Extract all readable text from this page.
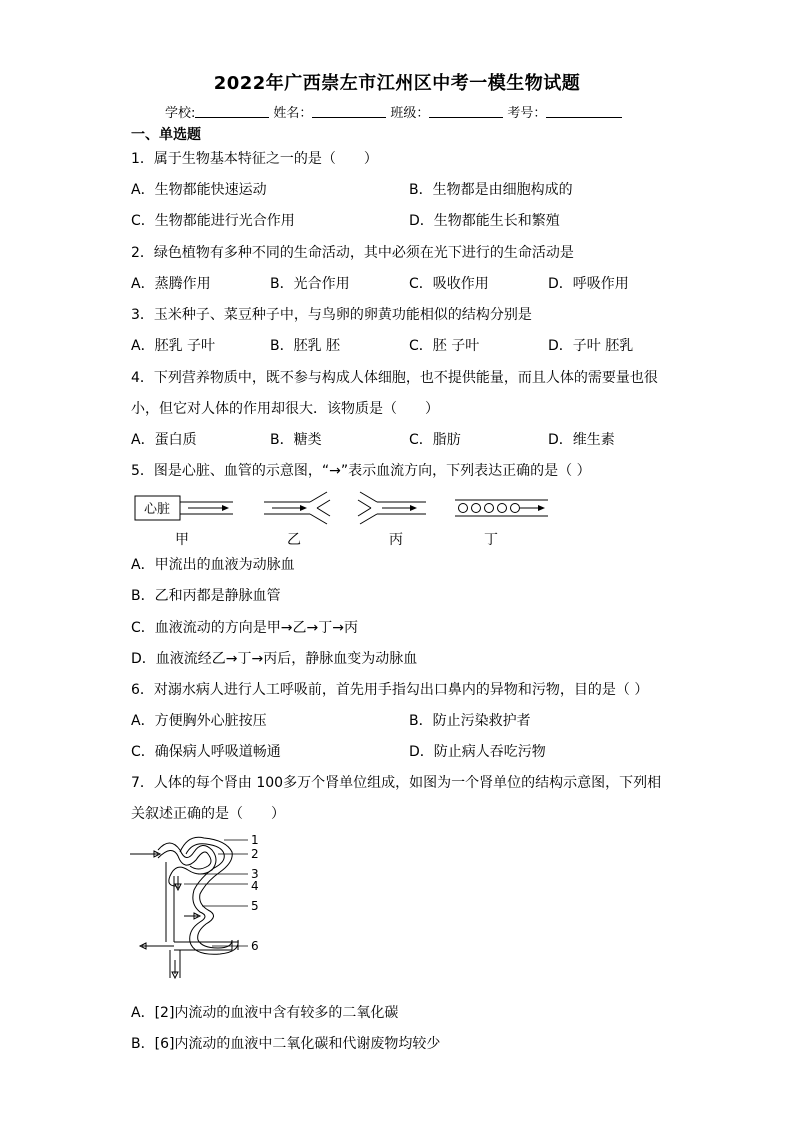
2022年广西崇左市江州区中考一模生物试题
学校:	姓名：	班级：	考号：
一、单选题
1．属于生物基本特征之一的是（　　）
A．生物都能快速运动	B．生物都是由细胞构成的
C．生物都能进行光合作用	D．生物都能生长和繁殖
2．绿色植物有多种不同的生命活动，其中必须在光下进行的生命活动是
A．蒸腾作用	B．光合作用	C．吸收作用	D．呼吸作用
3．玉米种子、菜豆种子中，与鸟卵的卵黄功能相似的结构分别是
A．胚乳 子叶	B．胚乳 胚	C．胚 子叶	D．子叶 胚乳
4．下列营养物质中，既不参与构成人体细胞，也不提供能量，而且人体的需要量也很
小，但它对人体的作用却很大．该物质是（　　）
A．蛋白质	B．糖类	C．脂肪	D．维生素
5．图是心脏、血管的示意图，“→”表示血流方向，下列表达正确的是（ ）
心脏
甲	乙	丙	丁
A．甲流出的血液为动脉血
B．乙和丙都是静脉血管
C．血液流动的方向是甲→乙→丁→丙
D．血液流经乙→丁→丙后，静脉血变为动脉血
6．对溺水病人进行人工呼吸前，首先用手指勾出口鼻内的异物和污物，目的是（ ）
A．方便胸外心脏按压	B．防止污染救护者
C．确保病人呼吸道畅通	D．防止病人吞吃污物
7．人体的每个肾由 100多万个肾单位组成，如图为一个肾单位的结构示意图，下列相
关叙述正确的是（　　）
1
2
3
4
5
6
A．[2]内流动的血液中含有较多的二氧化碳
B．[6]内流动的血液中二氧化碳和代谢废物均较少
